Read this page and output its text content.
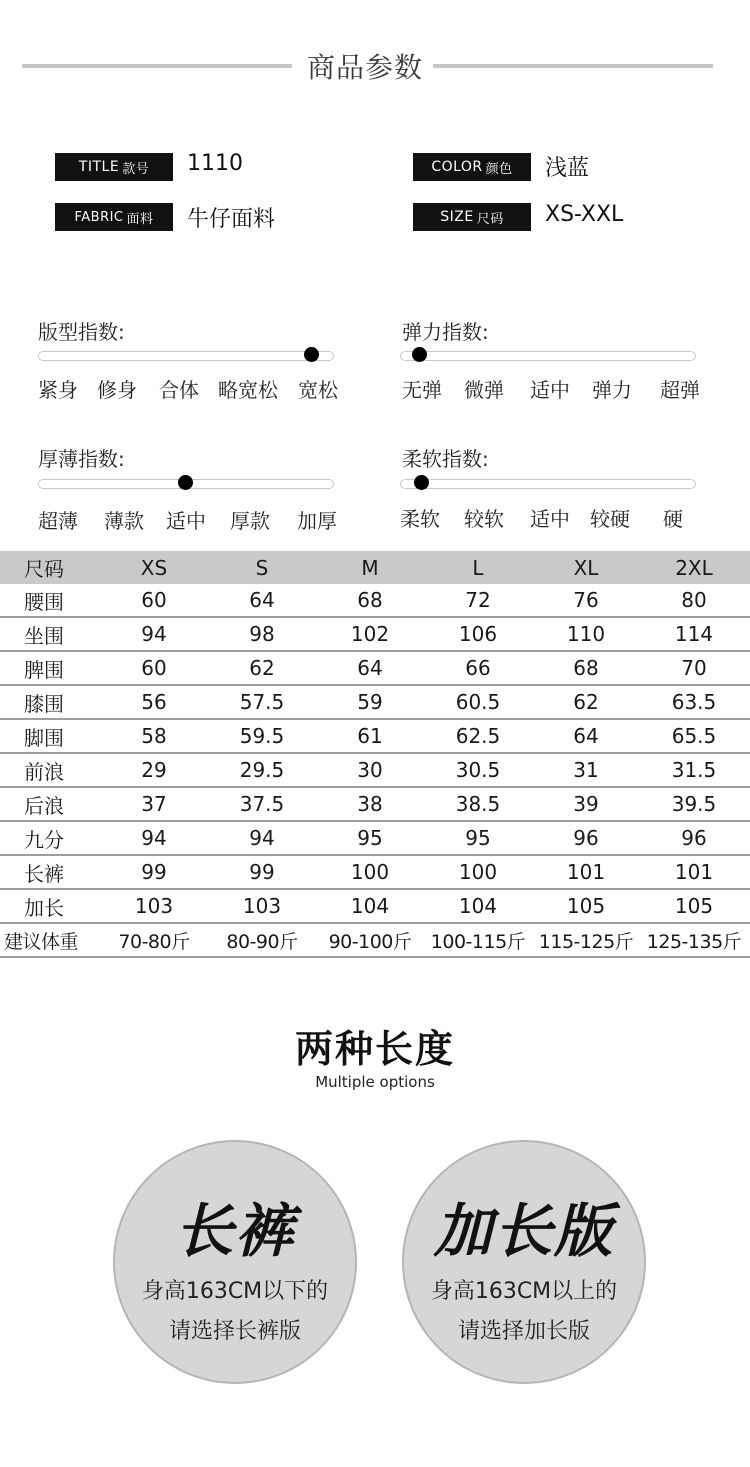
商品参数
TITLE 款号 1110
FABRIC 面料 牛仔面料
COLOR 颜色 浅蓝
SIZE 尺码 XS-XXL
版型指数:
紧身 修身 合体 略宽松 宽松
弹力指数:
无弹 微弹 适中 弹力 超弹
厚薄指数:
超薄 薄款 适中 厚款 加厚
柔软指数:
柔软 较软 适中 较硬 硬
尺码	XS	S	M	L	XL	2XL
腰围	60	64	68	72	76	80
坐围	94	98	102	106	110	114
脾围	60	62	64	66	68	70
膝围	56	57.5	59	60.5	62	63.5
脚围	58	59.5	61	62.5	64	65.5
前浪	29	29.5	30	30.5	31	31.5
后浪	37	37.5	38	38.5	39	39.5
九分	94	94	95	95	96	96
长裤	99	99	100	100	101	101
加长	103	103	104	104	105	105
建议体重	70-80斤	80-90斤	90-100斤	100-115斤 115-125斤 125-135斤
两种长度
Multiple options
长裤
身高163CM以下的
请选择长裤版
加长版
身高163CM以上的
请选择加长版
